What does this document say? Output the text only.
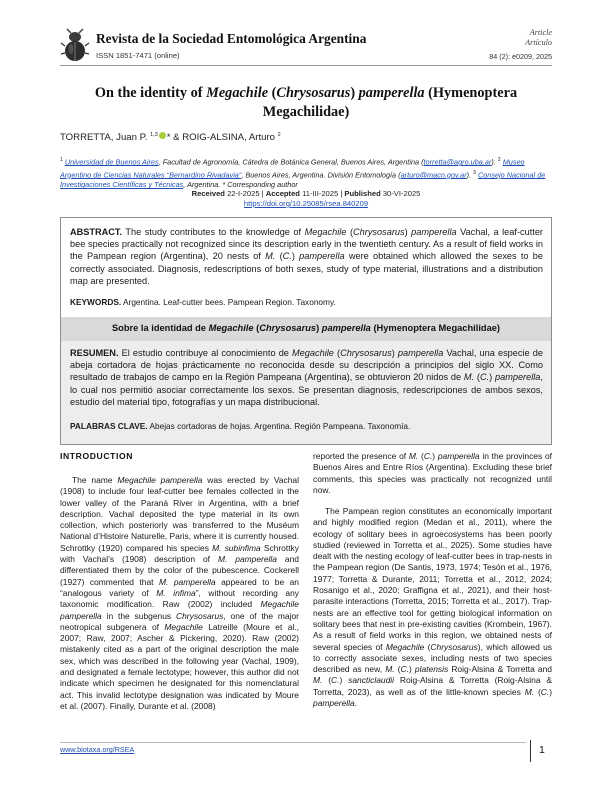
Revista de la Sociedad Entomológica Argentina
ISSN 1851-7471 (online)
Article
Artículo
84 (2): e0209, 2025
On the identity of Megachile (Chrysosarus) pamperella (Hymenoptera Megachilidae)
TORRETTA, Juan P. $^{1,3}$ * & ROIG-ALSINA, Arturo $^2$
$^1$ Universidad de Buenos Aires, Facultad de Agronomía, Cátedra de Botánica General, Buenos Aires, Argentina (torretta@agro.uba.ar). $^2$ Museo Argentino de Ciencias Naturales “Bernardino Rivadavia”, Buenos Aires, Argentina. División Entomología (arturo@macn.gov.ar). $^3$ Consejo Nacional de Investigaciones Científicas y Técnicas, Argentina. * Corresponding author
Received 22-I-2025 | Accepted 11-III-2025 | Published 30-VI-2025
https://doi.org/10.25085/rsea.840209
ABSTRACT. The study contributes to the knowledge of Megachile (Chrysosarus) pamperella Vachal, a leaf-cutter bee species practically not recognized since its description early in the twentieth century. As a result of field works in the Pampean region (Argentina), 20 nests of M. (C.) pamperella were obtained which allowed the sexes to be correctly associated. Diagnosis, redescriptions of both sexes, study of type material, illustrations and a distribution map are presented.
KEYWORDS. Argentina. Leaf-cutter bees. Pampean Region. Taxonomy.
Sobre la identidad de Megachile (Chrysosarus) pamperella (Hymenoptera Megachilidae)
RESUMEN. El estudio contribuye al conocimiento de Megachile (Chrysosarus) pamperella Vachal, una especie de abeja cortadora de hojas prácticamente no reconocida desde su descripción a principios del siglo XX. Como resultado de trabajos de campo en la Región Pampeana (Argentina), se obtuvieron 20 nidos de M. (C.) pamperella, lo cual nos permitió asociar correctamente los sexos. Se presentan diagnosis, redescripciones de ambos sexos, estudio del material tipo, fotografías y un mapa distribucional.
PALABRAS CLAVE. Abejas cortadoras de hojas. Argentina. Región Pampeana. Taxonomía.
INTRODUCTION

The name Megachile pamperella was erected by Vachal (1908) to include four leaf-cutter bee females collected in the lower valley of the Paraná River in Argentina, with a brief description. Vachal deposited the type material in its own collection, which posteriorly was transferred to the Muséum National d’Histoire Naturelle, Paris, where it is currently housed. Schrottky (1920) compared his species M. subinfima Schrottky with Vachal’s (1908) description of M. pamperella and differentiated them by the color of the pubescence. Cockerell (1927) commented that M. pamperella appeared to be an “analogous variety of M. infima”, without recording any taxonomic modification. Raw (2002) included Megachile pamperella in the subgenus Chrysosarus, one of the major neotropical subgenera of Megachile Latreille (Moure et al., 2007; Raw, 2007; Ascher & Pickering, 2020). Raw (2002) mistakenly cited as a part of the original description the male sex, which was described in the following year (Vachal, 1909), and designated a female lectotype; however, this author did not indicate which specimen he designated for this nomenclatural act. This invalid lectotype designation was indicated by Moure et al. (2007). Finally, Durante et al. (2008)

reported the presence of M. (C.) pamperella in the provinces of Buenos Aires and Entre Ríos (Argentina). Excluding these brief comments, this species was practically not recognized until now.

The Pampean region constitutes an economically important and highly modified region (Medan et al., 2011), where the ecology of solitary bees in agroecosystems has been poorly studied (reviewed in Torretta et al., 2025). Some studies have dealt with the nesting ecology of leaf-cutter bees in trap-nests in the Pampean region (De Santis, 1973, 1974; Tesón et al., 1976, 1977; Torretta & Durante, 2011; Torretta et al., 2012, 2024; Rosanigo et al., 2020; Graffigna et al., 2021), and their host-parasite interactions (Torretta, 2015; Torretta et al., 2017). Trap-nests are an effective tool for getting biological information on solitary bees that nest in pre-existing cavities (Krombein, 1967). As a result of field works in this region, we obtained nests of several species of Megachile (Chrysosarus), which allowed us to correctly associate sexes, including nests of two species described as new, M. (C.) platensis Roig-Alsina & Torretta and M. (C.) sancticlaudii Roig-Alsina & Torretta (Roig-Alsina & Torretta, 2023), as well as of the little-known species M. (C.) pamperella.

www.biotaxa.org/RSEA	1
